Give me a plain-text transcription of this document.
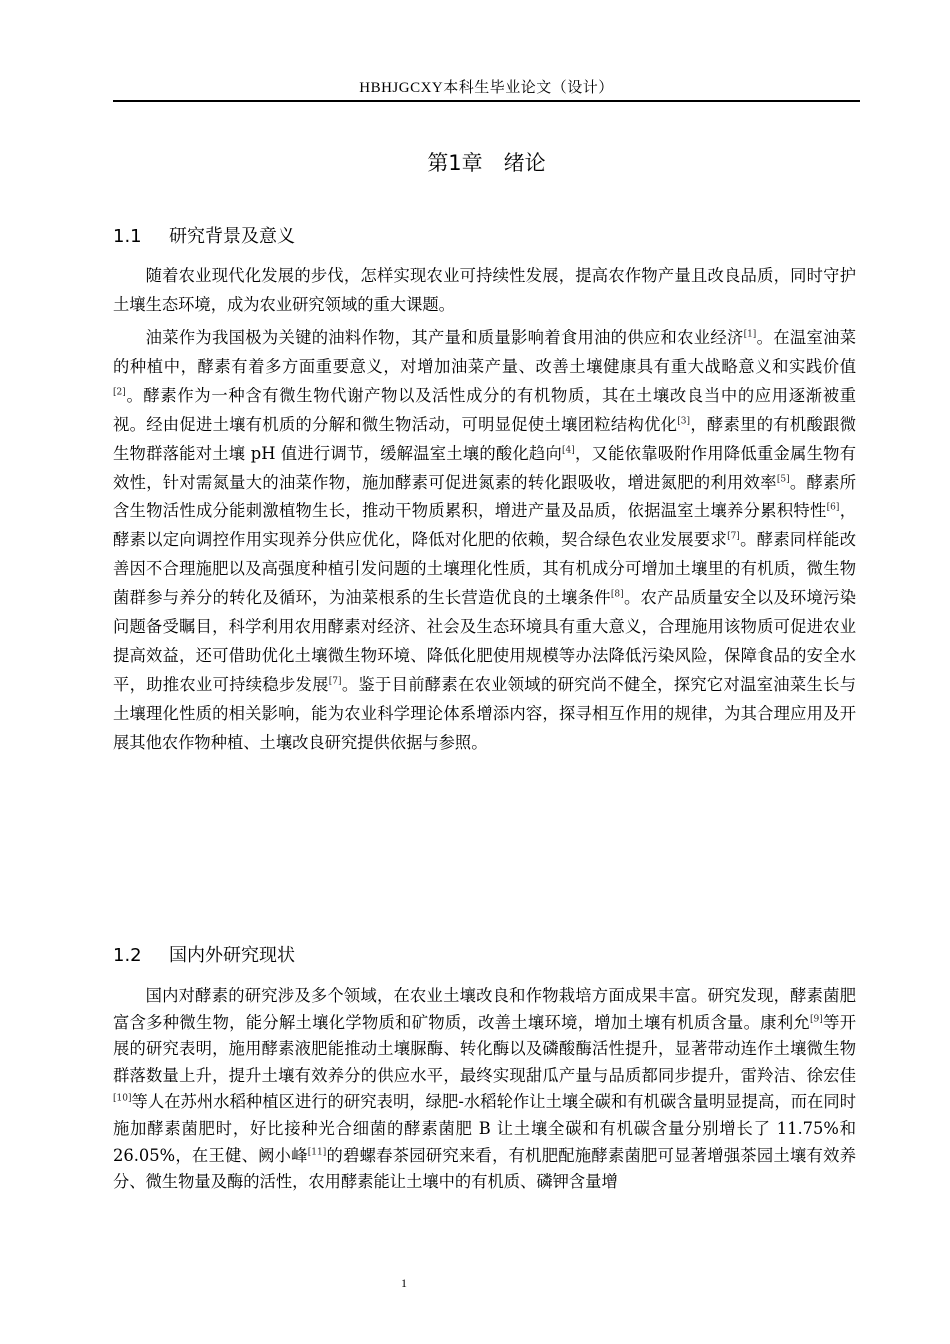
HBHJGCXY本科生毕业论文（设计）
第1章　绪论
1.1 研究背景及意义

随着农业现代化发展的步伐，怎样实现农业可持续性发展，提高农作物产量且改良品质，同时守护土壤生态环境，成为农业研究领域的重大课题。

油菜作为我国极为关键的油料作物，其产量和质量影响着食用油的供应和农业经济[1]。在温室油菜的种植中，酵素有着多方面重要意义，对增加油菜产量、改善土壤健康具有重大战略意义和实践价值[2]。酵素作为一种含有微生物代谢产物以及活性成分的有机物质，其在土壤改良当中的应用逐渐被重视。经由促进土壤有机质的分解和微生物活动，可明显促使土壤团粒结构优化[3]，酵素里的有机酸跟微生物群落能对土壤 pH 值进行调节，缓解温室土壤的酸化趋向[4]，又能依靠吸附作用降低重金属生物有效性，针对需氮量大的油菜作物，施加酵素可促进氮素的转化跟吸收，增进氮肥的利用效率[5]。酵素所含生物活性成分能刺激植物生长，推动干物质累积，增进产量及品质，依据温室土壤养分累积特性[6]，酵素以定向调控作用实现养分供应优化，降低对化肥的依赖，契合绿色农业发展要求[7]。酵素同样能改善因不合理施肥以及高强度种植引发问题的土壤理化性质，其有机成分可增加土壤里的有机质，微生物菌群参与养分的转化及循环，为油菜根系的生长营造优良的土壤条件[8]。农产品质量安全以及环境污染问题备受瞩目，科学利用农用酵素对经济、社会及生态环境具有重大意义，合理施用该物质可促进农业提高效益，还可借助优化土壤微生物环境、降低化肥使用规模等办法降低污染风险，保障食品的安全水平，助推农业可持续稳步发展[7]。鉴于目前酵素在农业领域的研究尚不健全，探究它对温室油菜生长与土壤理化性质的相关影响，能为农业科学理论体系增添内容，探寻相互作用的规律，为其合理应用及开展其他农作物种植、土壤改良研究提供依据与参照。

1.2 国内外研究现状

国内对酵素的研究涉及多个领域，在农业土壤改良和作物栽培方面成果丰富。研究发现，酵素菌肥富含多种微生物，能分解土壤化学物质和矿物质，改善土壤环境，增加土壤有机质含量。康利允[9]等开展的研究表明，施用酵素液肥能推动土壤脲酶、转化酶以及磷酸酶活性提升，显著带动连作土壤微生物群落数量上升，提升土壤有效养分的供应水平，最终实现甜瓜产量与品质都同步提升，雷羚洁、徐宏佳[10]等人在苏州水稻种植区进行的研究表明，绿肥-水稻轮作让土壤全碳和有机碳含量明显提高，而在同时施加酵素菌肥时，好比接种光合细菌的酵素菌肥 B 让土壤全碳和有机碳含量分别增长了 11.75%和 26.05%，在王健、阙小峰[11]的碧螺春茶园研究来看，有机肥配施酵素菌肥可显著增强茶园土壤有效养分、微生物量及酶的活性，农用酵素能让土壤中的有机质、磷钾含量增

1
